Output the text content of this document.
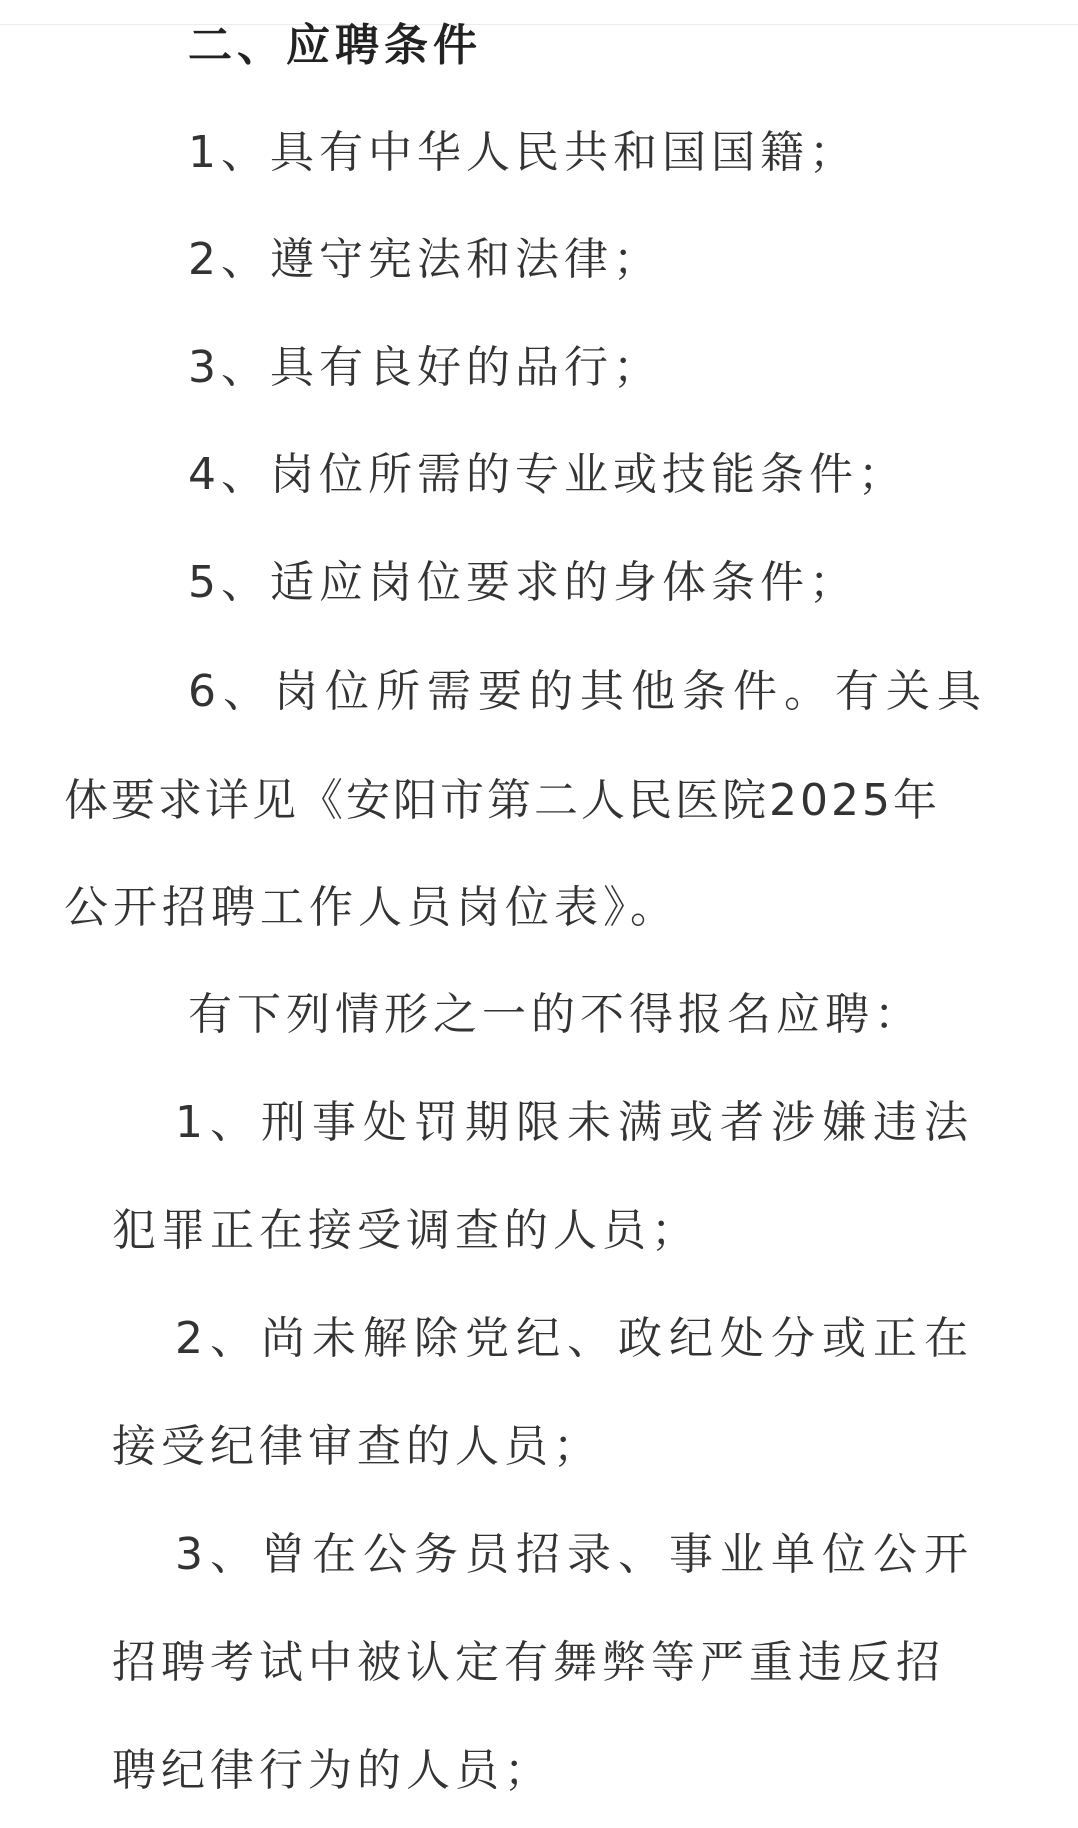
二、应聘条件
1、具有中华人民共和国国籍；
2、遵守宪法和法律；
3、具有良好的品行；
4、岗位所需的专业或技能条件；
5、适应岗位要求的身体条件；
6、岗位所需要的其他条件。有关具
体要求详见《安阳市第二人民医院2025年
公开招聘工作人员岗位表》。
有下列情形之一的不得报名应聘：
1、刑事处罚期限未满或者涉嫌违法
犯罪正在接受调查的人员；
2、尚未解除党纪、政纪处分或正在
接受纪律审查的人员；
3、曾在公务员招录、事业单位公开
招聘考试中被认定有舞弊等严重违反招
聘纪律行为的人员；
